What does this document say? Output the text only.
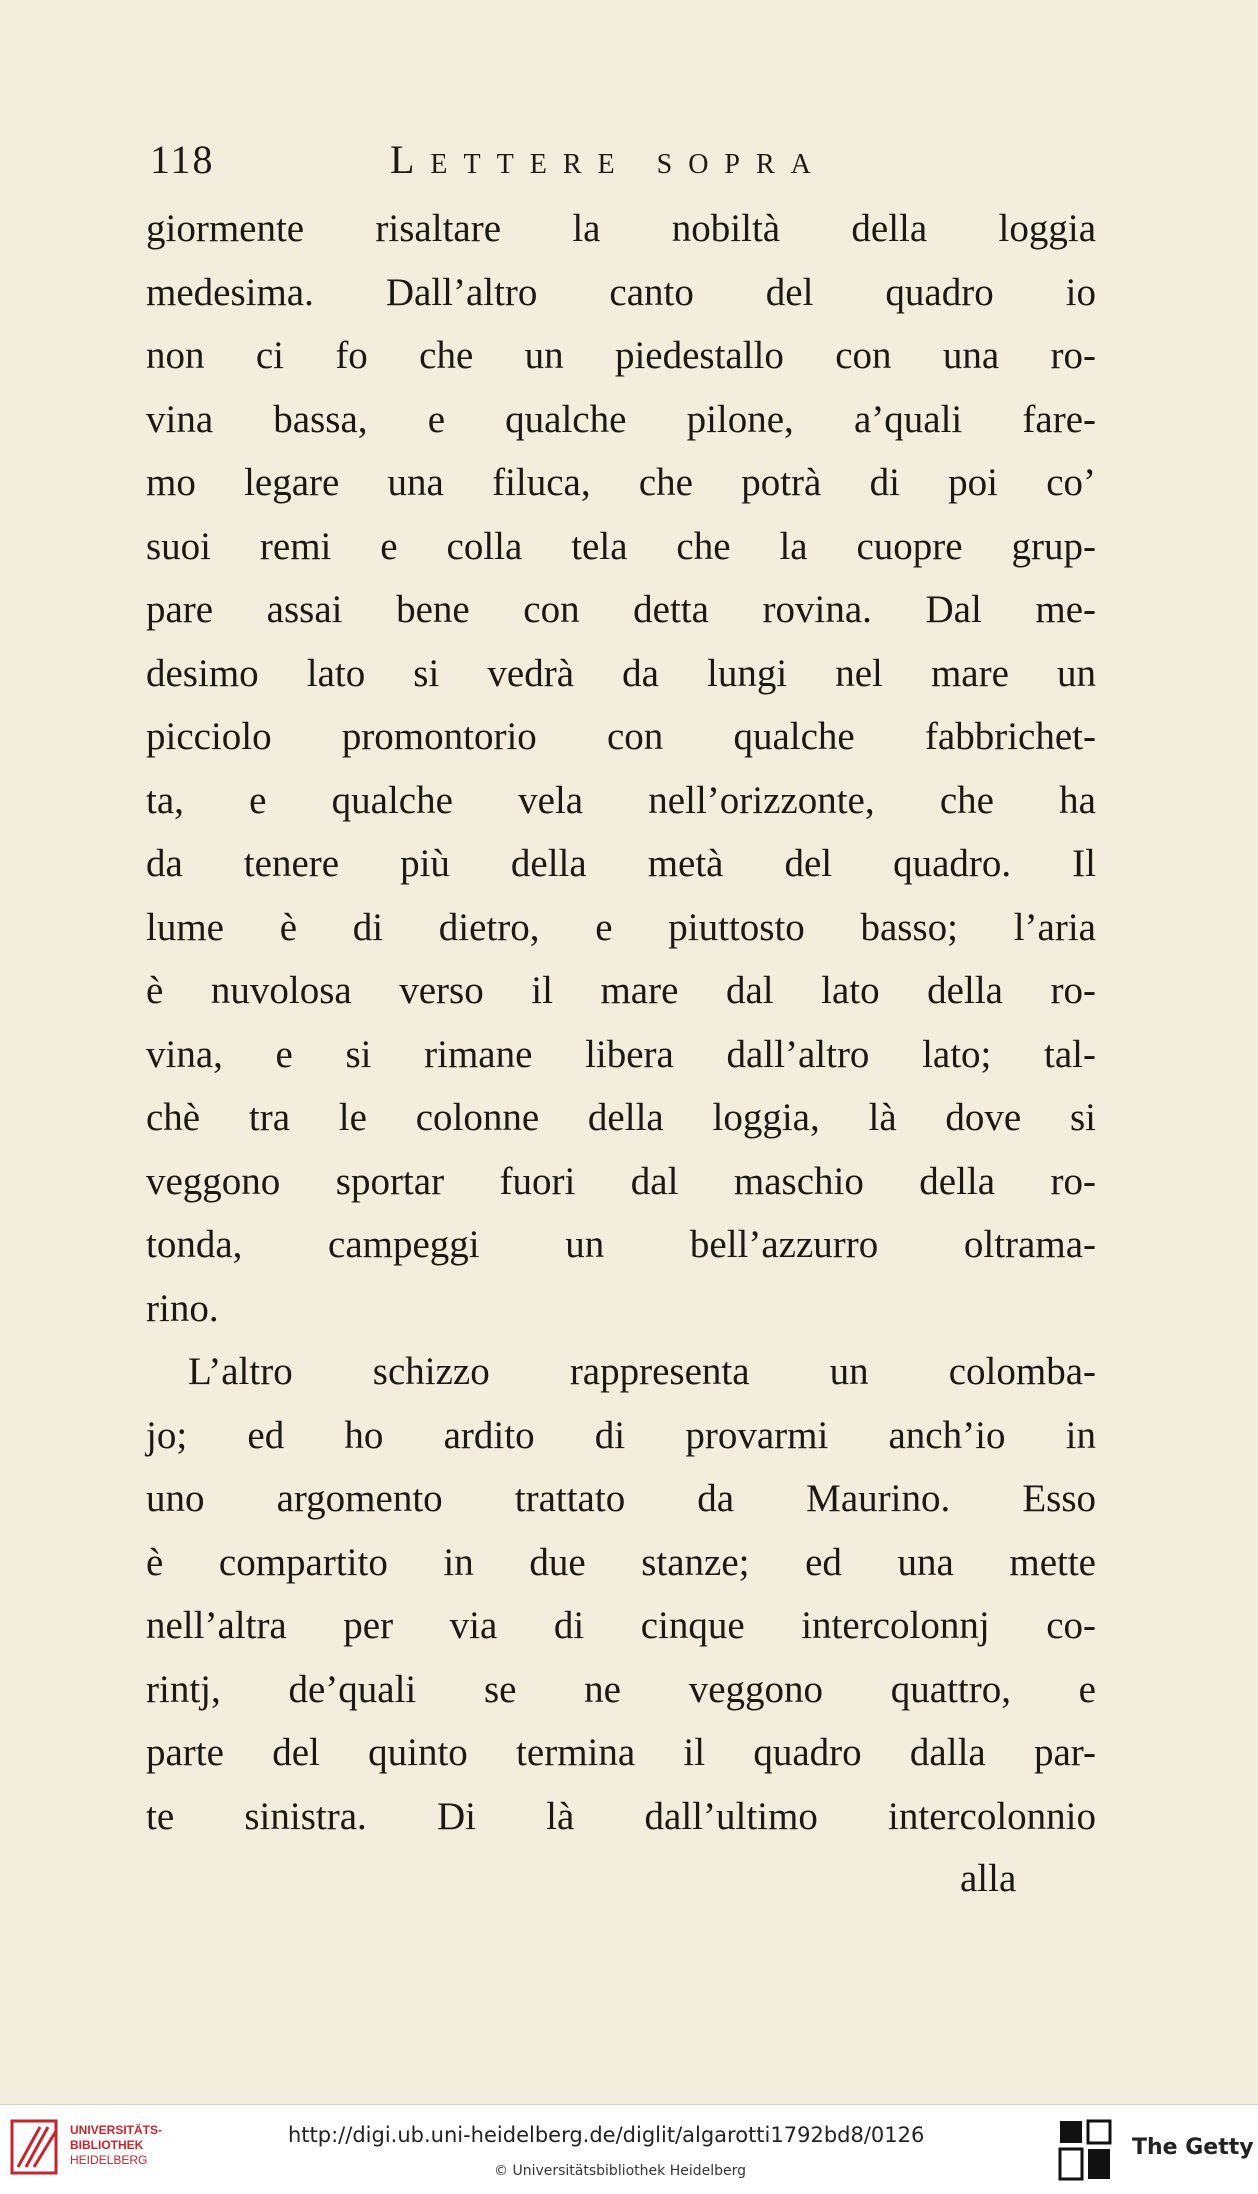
118	Lettere sopra
giormente risaltare la nobiltà della loggia
medesima. Dall’altro canto del quadro io
non ci fo che un piedestallo con una ro-
vina bassa, e qualche pilone, a’quali fare-
mo legare una filuca, che potrà di poi co’
suoi remi e colla tela che la cuopre grup-
pare assai bene con detta rovina. Dal me-
desimo lato si vedrà da lungi nel mare un
picciolo promontorio con qualche fabbrichet-
ta, e qualche vela nell’orizzonte, che ha
da tenere più della metà del quadro. Il
lume è di dietro, e piuttosto basso; l’aria
è nuvolosa verso il mare dal lato della ro-
vina, e si rimane libera dall’altro lato; tal-
chè tra le colonne della loggia, là dove si
veggono sportar fuori dal maschio della ro-
tonda, campeggi un bell’azzurro oltrama-
rino.
L’altro schizzo rappresenta un colomba-
jo; ed ho ardito di provarmi anch’io in
uno argomento trattato da Maurino. Esso
è compartito in due stanze; ed una mette
nell’altra per via di cinque intercolonnj co-
rintj, de’quali se ne veggono quattro, e
parte del quinto termina il quadro dalla par-
te sinistra. Di là dall’ultimo intercolonnio
alla
UNIVERSITÄTS-
BIBLIOTHEK
HEIDELBERG
http://digi.ub.uni-heidelberg.de/diglit/algarotti1792bd8/0126
© Universitätsbibliothek Heidelberg
The Getty
